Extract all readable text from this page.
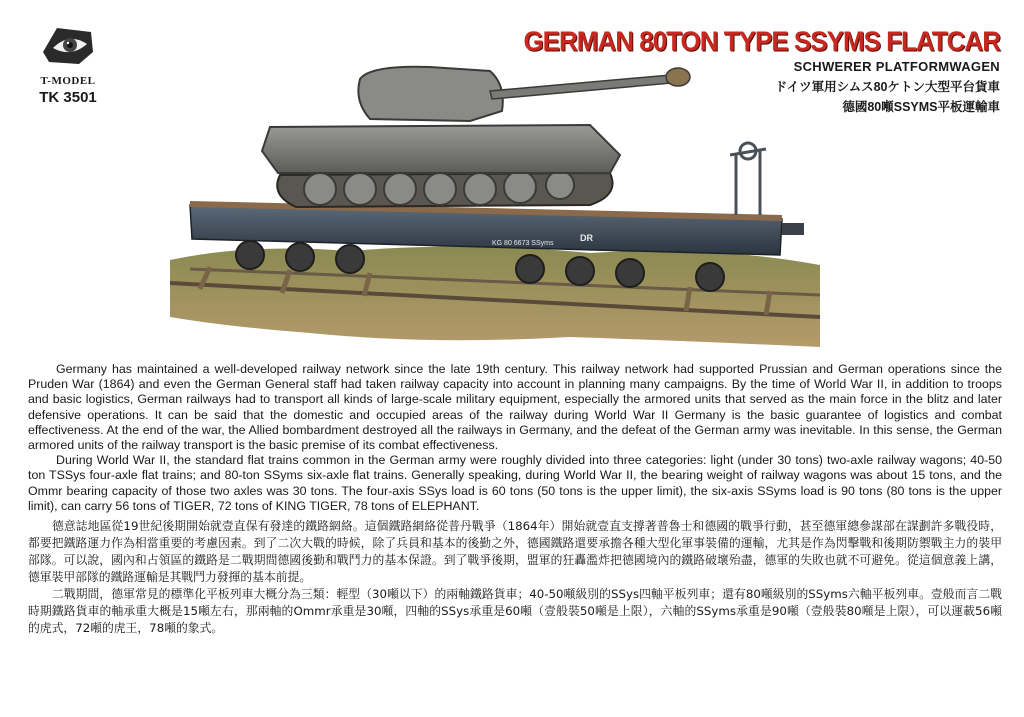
T-MODEL
TK 3501
GERMAN 80TON TYPE SSYMS FLATCAR
SCHWERER PLATFORMWAGEN
ドイツ軍用シムス80ケトン大型平台貨車
德國80噸SSYMS平板運輸車
KG 80 6673 SSyms
DR

Germany has maintained a well-developed railway network since the late 19th century. This railway network had supported Prussian and German operations since the Pruden War (1864) and even the German General staff had taken railway capacity into account in planning many campaigns. By the time of World War II, in addition to troops and basic logistics, German railways had to transport all kinds of large-scale military equipment, especially the armored units that served as the main force in the blitz and later defensive operations. It can be said that the domestic and occupied areas of the railway during World War II Germany is the basic guarantee of logistics and combat effectiveness. At the end of the war, the Allied bombardment destroyed all the railways in Germany, and the defeat of the German army was inevitable. In this sense, the German armored units of the railway transport is the basic premise of its combat effectiveness.

During World War II, the standard flat trains common in the German army were roughly divided into three categories: light (under 30 tons) two-axle railway wagons; 40-50 ton TSSys four-axle flat trains; and 80-ton SSyms six-axle flat trains. Generally speaking, during World War II, the bearing weight of railway wagons was about 15 tons, and the Ommr bearing capacity of those two axles was 30 tons. The four-axis SSys load is 60 tons (50 tons is the upper limit), the six-axis SSyms load is 90 tons (80 tons is the upper limit), can carry 56 tons of TIGER, 72 tons of KING TIGER, 78 tons of ELEPHANT.

德意誌地區從19世紀後期開始就壹直保有發達的鐵路網絡。這個鐵路網絡從普丹戰爭（1864年）開始就壹直支撐著普魯士和德國的戰爭行動，甚至德軍總參謀部在謀劃許多戰役時，都要把鐵路運力作為相當重要的考慮因素。到了二次大戰的時候，除了兵員和基本的後勤之外，德國鐵路還要承擔各種大型化軍事裝備的運輸，尤其是作為閃擊戰和後期防禦戰主力的裝甲部隊。可以說，國內和占領區的鐵路是二戰期間德國後勤和戰鬥力的基本保證。到了戰爭後期，盟軍的狂轟濫炸把德國境內的鐵路破壞殆盡，德軍的失敗也就不可避免。從這個意義上講，德軍裝甲部隊的鐵路運輸是其戰鬥力發揮的基本前提。

二戰期間，德軍常見的標準化平板列車大概分為三類：輕型（30噸以下）的兩軸鐵路貨車；40-50噸級別的SSys四軸平板列車；還有80噸級別的SSyms六軸平板列車。壹般而言二戰時期鐵路貨車的軸承重大概是15噸左右，那兩軸的Ommr承重是30噸，四軸的SSys承重是60噸（壹般裝50噸是上限），六軸的SSyms承重是90噸（壹般裝80噸是上限），可以運載56噸的虎式，72噸的虎王，78噸的象式。
